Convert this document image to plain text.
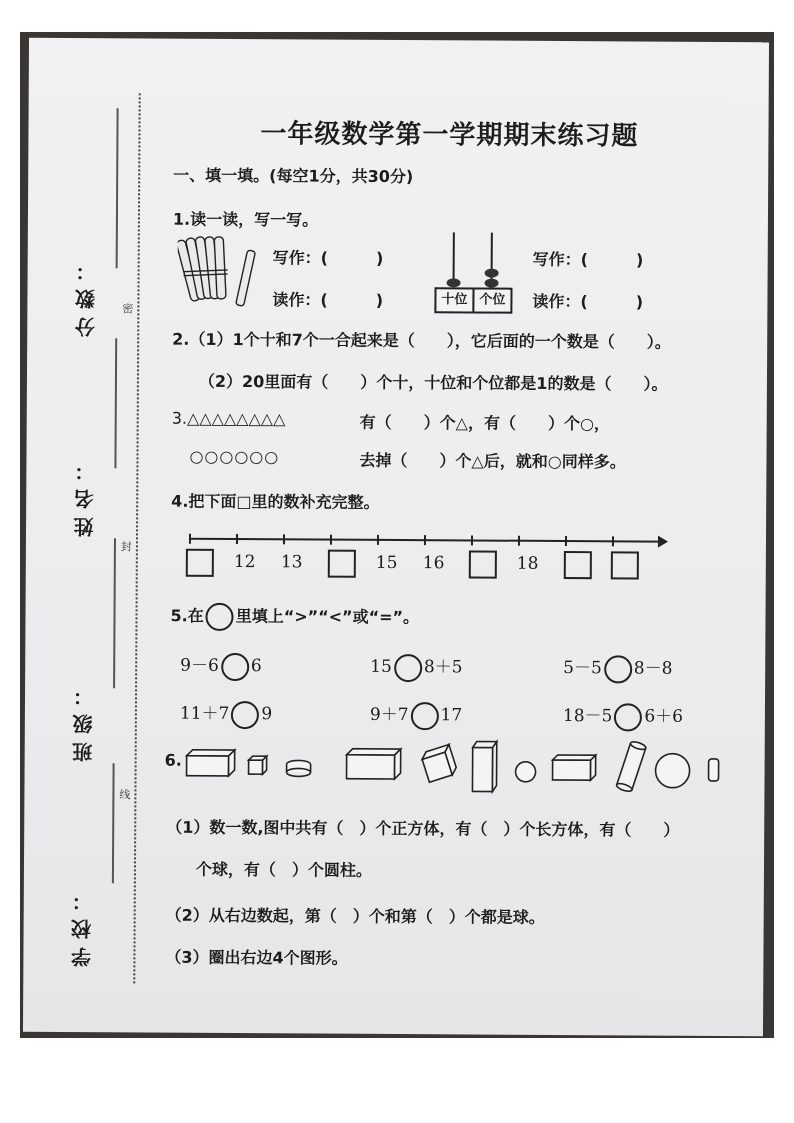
分数：
姓名：
班级：
学校：
密
封
线
一年级数学第一学期期末练习题
一、填一填。(每空1分，共30分)
1.读一读，写一写。
写作：(　　　)
读作：(　　　)	十位 个位
写作：(　　　)
读作：(　　　)
2.（1）1个十和7个一合起来是（　　），它后面的一个数是（　　）。
（2）20里面有（　　）个十，十位和个位都是1的数是（　　）。
3.△△△△△△△△	有（　　）个△，有（　　）个○，
○○○○○○	去掉（　　）个△后，就和○同样多。
4.把下面□里的数补充完整。
12 13	15 16	18
5.在 里填上“>”“<”或“=”。
9－6 6	15 8＋5	5－5 8－8
11＋7 9	9＋7 17	18－5 6＋6
6.
（1）数一数,图中共有（　）个正方体，有（　）个长方体，有（　　）
个球，有（　）个圆柱。
（2）从右边数起，第（　）个和第（　）个都是球。
（3）圈出右边4个图形。
